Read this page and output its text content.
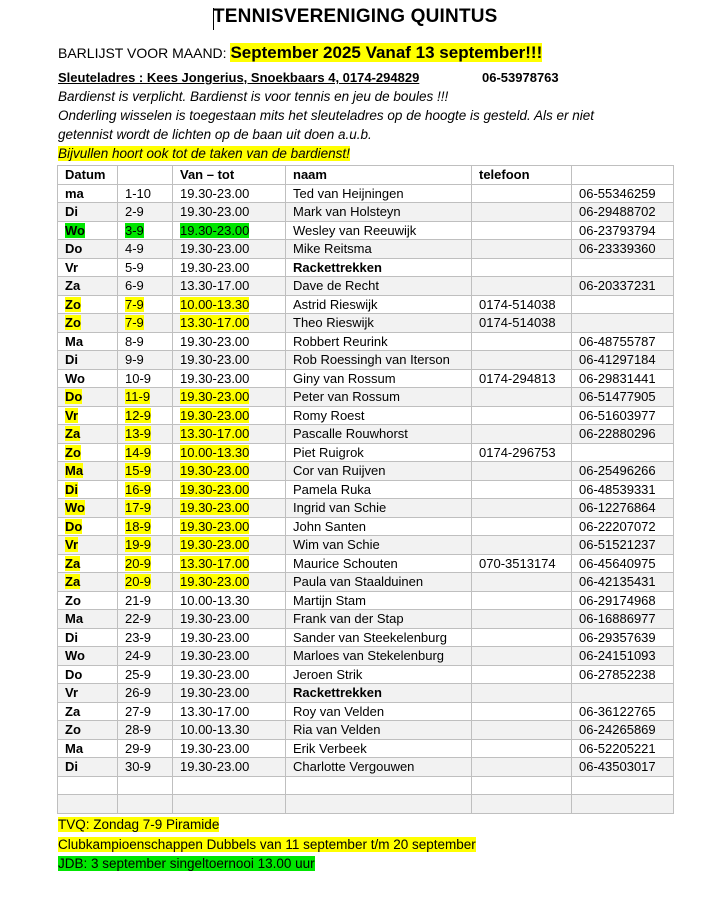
TENNISVERENIGING QUINTUS
BARLIJST VOOR MAAND: September 2025 Vanaf 13 september!!!
Sleuteladres : Kees Jongerius, Snoekbaars 4, 0174-294829	06-53978763
Bardienst is verplicht. Bardienst is voor tennis en jeu de boules !!!
Onderling wisselen is toegestaan mits het sleuteladres op de hoogte is gesteld. Als er niet
getennist wordt de lichten op de baan uit doen a.u.b.
Bijvullen hoort ook tot de taken van de bardienst!
Datum		Van – tot	naam	telefoon	
ma	1-10	19.30-23.00	Ted van Heijningen		06-55346259
Di	2-9	19.30-23.00	Mark van Holsteyn		06-29488702
Wo	3-9	19.30-23.00	Wesley van Reeuwijk		06-23793794
Do	4-9	19.30-23.00	Mike Reitsma		06-23339360
Vr	5-9	19.30-23.00	Rackettrekken		
Za	6-9	13.30-17.00	Dave de Recht		06-20337231
Zo	7-9	10.00-13.30	Astrid Rieswijk	0174-514038	
Zo	7-9	13.30-17.00	Theo Rieswijk	0174-514038	
Ma	8-9	19.30-23.00	Robbert Reurink		06-48755787
Di	9-9	19.30-23.00	Rob Roessingh van Iterson		06-41297184
Wo	10-9	19.30-23.00	Giny van Rossum	0174-294813	06-29831441
Do	11-9	19.30-23.00	Peter van Rossum		06-51477905
Vr	12-9	19.30-23.00	Romy Roest		06-51603977
Za	13-9	13.30-17.00	Pascalle Rouwhorst		06-22880296
Zo	14-9	10.00-13.30	Piet Ruigrok	0174-296753	
Ma	15-9	19.30-23.00	Cor van Ruijven		06-25496266
Di	16-9	19.30-23.00	Pamela Ruka		06-48539331
Wo	17-9	19.30-23.00	Ingrid van Schie		06-12276864
Do	18-9	19.30-23.00	John Santen		06-22207072
Vr	19-9	19.30-23.00	Wim van Schie		06-51521237
Za	20-9	13.30-17.00	Maurice Schouten	070-3513174	06-45640975
Za	20-9	19.30-23.00	Paula van Staalduinen		06-42135431
Zo	21-9	10.00-13.30	Martijn Stam		06-29174968
Ma	22-9	19.30-23.00	Frank van der Stap		06-16886977
Di	23-9	19.30-23.00	Sander van Steekelenburg		06-29357639
Wo	24-9	19.30-23.00	Marloes van Stekelenburg		06-24151093
Do	25-9	19.30-23.00	Jeroen Strik		06-27852238
Vr	26-9	19.30-23.00	Rackettrekken		
Za	27-9	13.30-17.00	Roy van Velden		06-36122765
Zo	28-9	10.00-13.30	Ria van Velden		06-24265869
Ma	29-9	19.30-23.00	Erik Verbeek		06-52205221
Di	30-9	19.30-23.00	Charlotte Vergouwen		06-43503017

TVQ: Zondag 7-9 Piramide
Clubkampioenschappen Dubbels van 11 september t/m 20 september
JDB: 3 september singeltoernooi 13.00 uur
